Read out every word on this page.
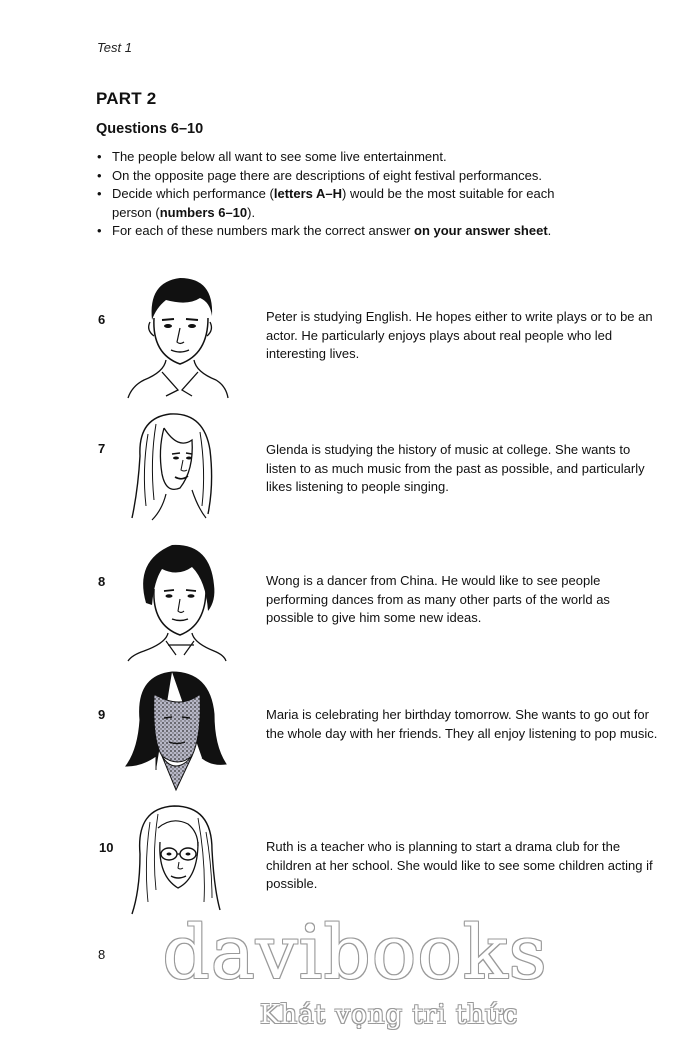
Test 1
PART 2
Questions 6–10
• The people below all want to see some live entertainment.
• On the opposite page there are descriptions of eight festival performances.
• Decide which performance (letters A–H) would be the most suitable for each person (numbers 6–10).
• For each of these numbers mark the correct answer on your answer sheet.
6	Peter is studying English. He hopes either to write plays or to be an actor. He particularly enjoys plays about real people who led interesting lives.

7	Glenda is studying the history of music at college. She wants to listen to as much music from the past as possible, and particularly likes listening to people singing.

8	Wong is a dancer from China. He would like to see people performing dances from as many other parts of the world as possible to give him some new ideas.

9	Maria is celebrating her birthday tomorrow. She wants to go out for the whole day with her friends. They all enjoy listening to pop music.

10	Ruth is a teacher who is planning to start a drama club for the children at her school. She would like to see some children acting if possible.

8 davibooks
Khát vọng tri thức
